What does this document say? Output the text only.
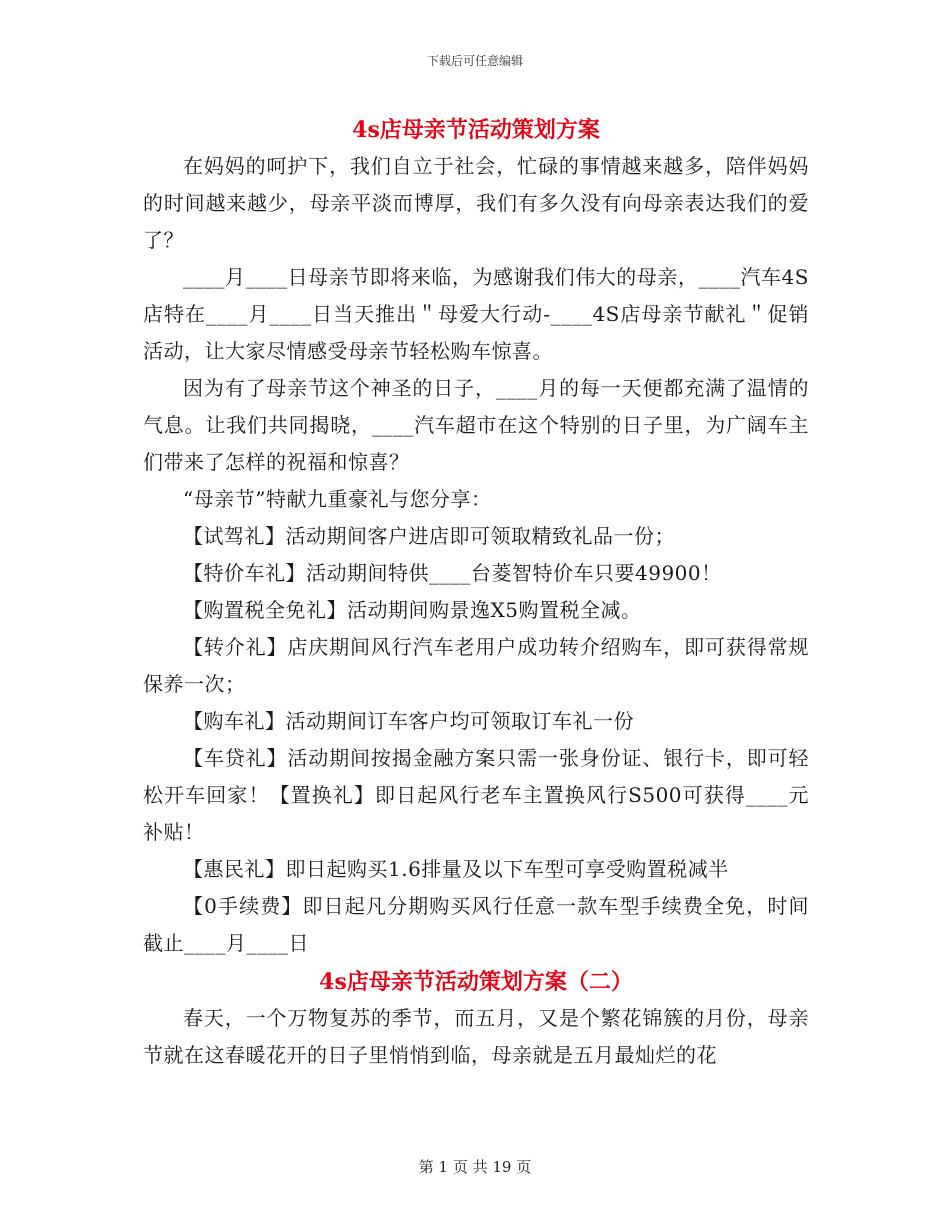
下载后可任意编辑
4s店母亲节活动策划方案

在妈妈的呵护下，我们自立于社会，忙碌的事情越来越多，陪伴妈妈的时间越来越少，母亲平淡而博厚，我们有多久没有向母亲表达我们的爱了？

____月____日母亲节即将来临，为感谢我们伟大的母亲，____汽车4S店特在____月____日当天推出＂母爱大行动-____4S店母亲节献礼＂促销活动，让大家尽情感受母亲节轻松购车惊喜。

因为有了母亲节这个神圣的日子，____月的每一天便都充满了温情的气息。让我们共同揭晓，____汽车超市在这个特别的日子里，为广阔车主们带来了怎样的祝福和惊喜？

“母亲节”特献九重豪礼与您分享：

【试驾礼】活动期间客户进店即可领取精致礼品一份；

【特价车礼】活动期间特供____台菱智特价车只要49900！

【购置税全免礼】活动期间购景逸X5购置税全减。

【转介礼】店庆期间风行汽车老用户成功转介绍购车，即可获得常规保养一次；

【购车礼】活动期间订车客户均可领取订车礼一份

【车贷礼】活动期间按揭金融方案只需一张身份证、银行卡，即可轻松开车回家！【置换礼】即日起风行老车主置换风行S500可获得____元补贴！

【惠民礼】即日起购买1.6排量及以下车型可享受购置税减半

【0手续费】即日起凡分期购买风行任意一款车型手续费全免，时间截止____月____日

4s店母亲节活动策划方案（二）

春天，一个万物复苏的季节，而五月，又是个繁花锦簇的月份，母亲节就在这春暖花开的日子里悄悄到临，母亲就是五月最灿烂的花

第 1 页 共 19 页
